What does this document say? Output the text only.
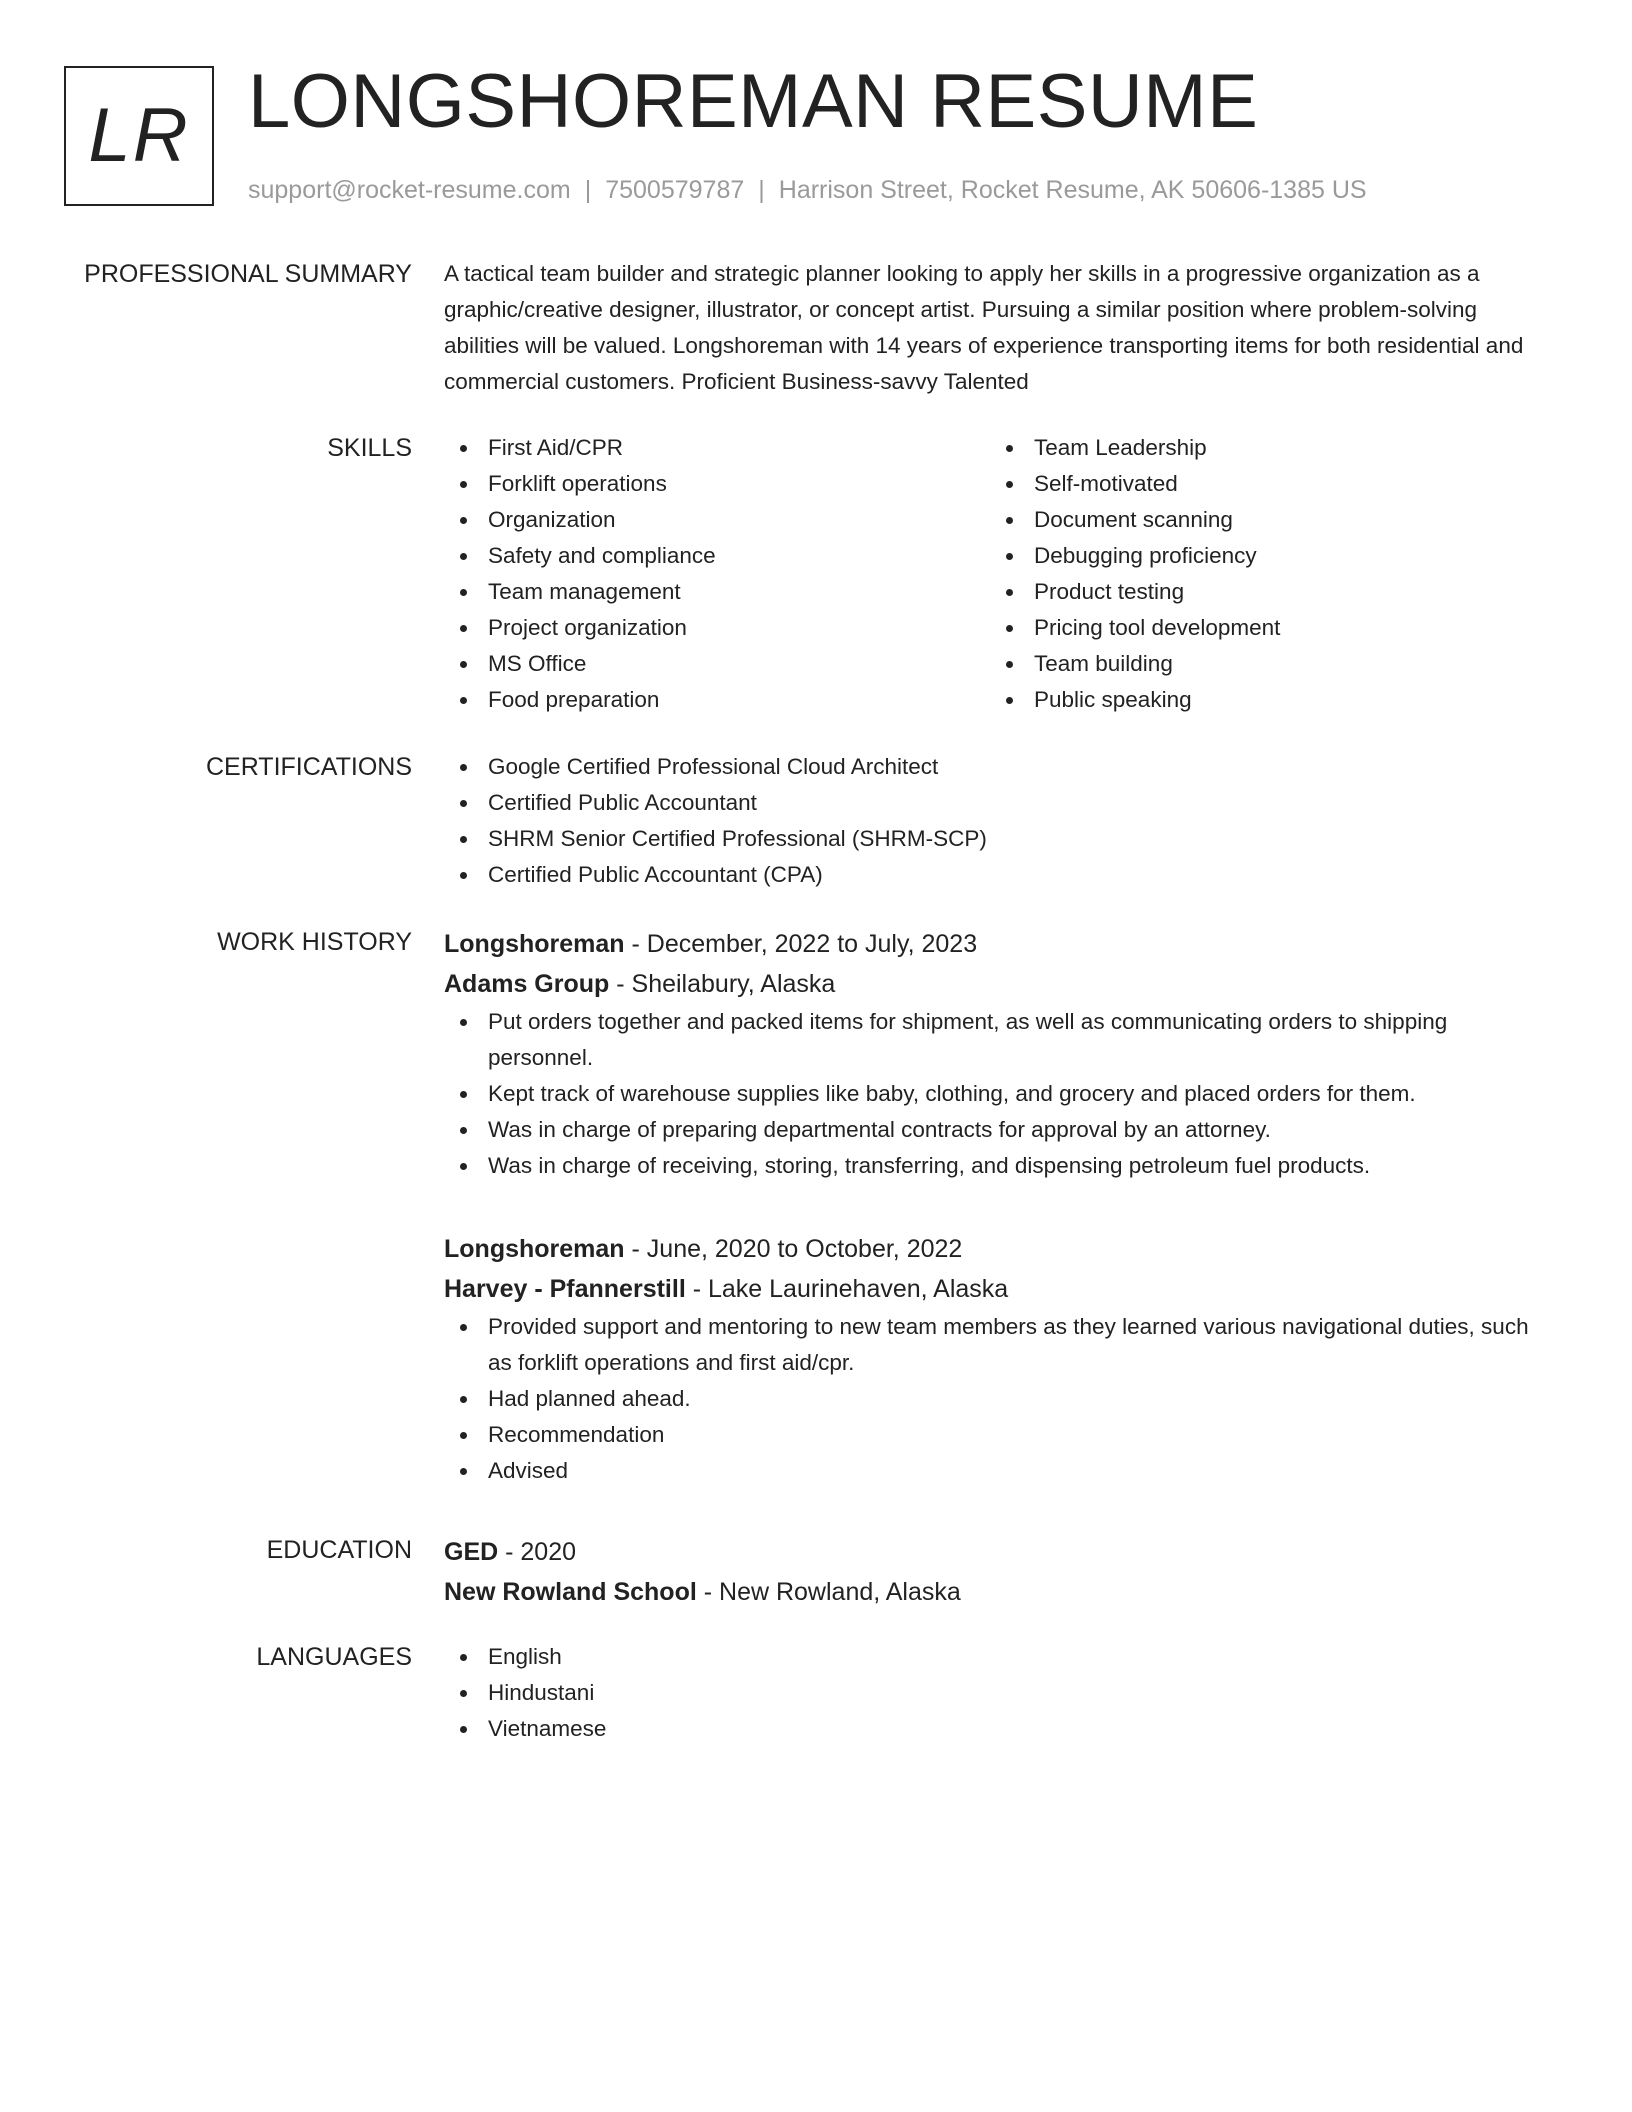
LR LONGSHOREMAN RESUME
support@rocket-resume.com | 7500579787 | Harrison Street, Rocket Resume, AK 50606-1385 US
PROFESSIONAL SUMMARY A tactical team builder and strategic planner looking to apply her skills in a progressive organization as a graphic/creative designer, illustrator, or concept artist. Pursuing a similar position where problem-solving abilities will be valued. Longshoreman with 14 years of experience transporting items for both residential and commercial customers. Proficient Business-savvy Talented

SKILLS	First Aid/CPR
Forklift operations
Organization
Safety and compliance
Team management
Project organization
MS Office
Food preparation
Team Leadership
Self-motivated
Document scanning
Debugging proficiency
Product testing
Pricing tool development
Team building
Public speaking
CERTIFICATIONS	Google Certified Professional Cloud Architect
Certified Public Accountant
SHRM Senior Certified Professional (SHRM-SCP)
Certified Public Accountant (CPA)
WORK HISTORY Longshoreman - December, 2022 to July, 2023
Adams Group - Sheilabury, Alaska
Put orders together and packed items for shipment, as well as communicating orders to shipping personnel.
Kept track of warehouse supplies like baby, clothing, and grocery and placed orders for them.
Was in charge of preparing departmental contracts for approval by an attorney.
Was in charge of receiving, storing, transferring, and dispensing petroleum fuel products.
Longshoreman - June, 2020 to October, 2022
Harvey - Pfannerstill - Lake Laurinehaven, Alaska
Provided support and mentoring to new team members as they learned various navigational duties, such as forklift operations and first aid/cpr.
Had planned ahead.
Recommendation
Advised
EDUCATION GED - 2020
New Rowland School - New Rowland, Alaska
LANGUAGES	English
Hindustani
Vietnamese
